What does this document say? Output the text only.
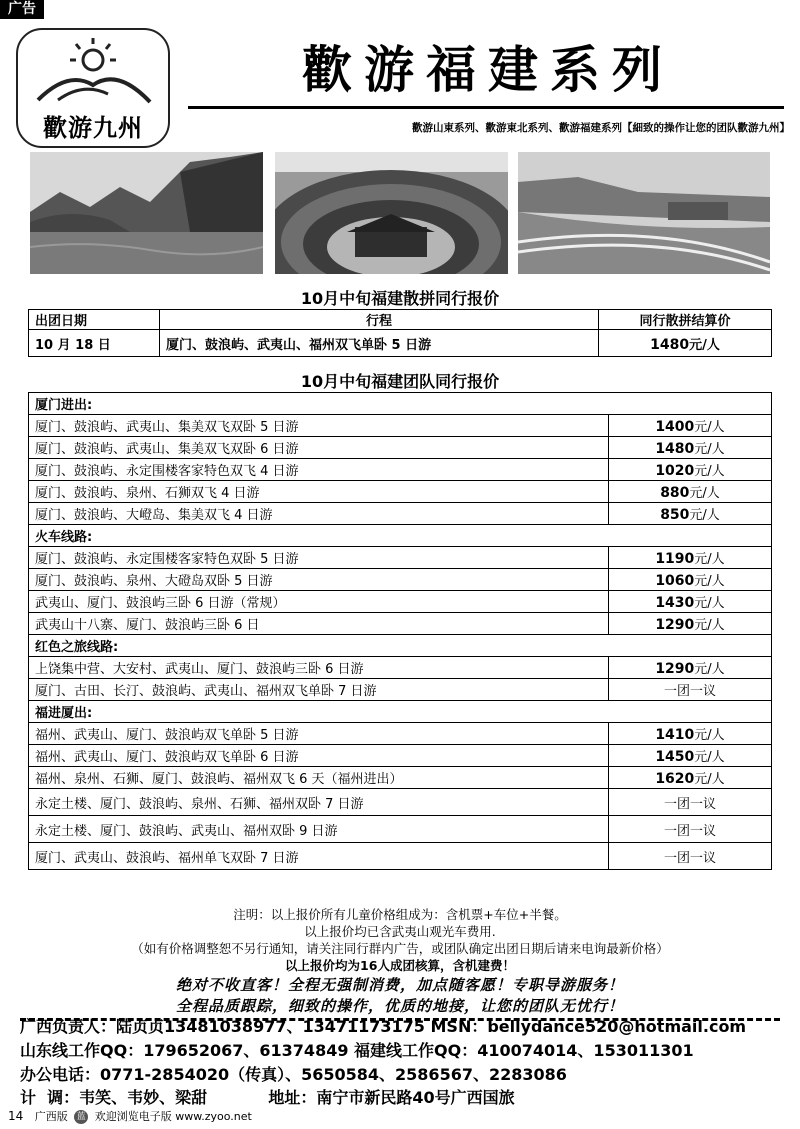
广告
歡游九州
歡游福建系列
歡游山東系列、歡游東北系列、歡游福建系列【細致的操作让您的团队歡游九州】
10月中旬福建散拼同行报价
出团日期	行程	同行散拼结算价
10 月 18 日	厦门、鼓浪屿、武夷山、福州双飞单卧 5 日游	1480元/人
10月中旬福建团队同行报价
厦门进出:	
厦门、鼓浪屿、武夷山、集美双飞双卧 5 日游	1400元/人
厦门、鼓浪屿、武夷山、集美双飞双卧 6 日游	1480元/人
厦门、鼓浪屿、永定围楼客家特色双飞 4 日游	1020元/人
厦门、鼓浪屿、泉州、石狮双飞 4 日游	880元/人
厦门、鼓浪屿、大嶝岛、集美双飞 4 日游	850元/人
火车线路:	
厦门、鼓浪屿、永定围楼客家特色双卧 5 日游	1190元/人
厦门、鼓浪屿、泉州、大磴岛双卧 5 日游	1060元/人
武夷山、厦门、鼓浪屿三卧 6 日游（常规）	1430元/人
武夷山十八寨、厦门、鼓浪屿三卧 6 日	1290元/人
红色之旅线路:	
上饶集中营、大安村、武夷山、厦门、鼓浪屿三卧 6 日游	1290元/人
厦门、古田、长汀、鼓浪屿、武夷山、福州双飞单卧 7 日游	一团一议
福进厦出:	
福州、武夷山、厦门、鼓浪屿双飞单卧 5 日游	1410元/人
福州、武夷山、厦门、鼓浪屿双飞单卧 6 日游	1450元/人
福州、泉州、石狮、厦门、鼓浪屿、福州双飞 6 天（福州进出）	1620元/人
永定土楼、厦门、鼓浪屿、泉州、石狮、福州双卧 7 日游	一团一议
永定土楼、厦门、鼓浪屿、武夷山、福州双卧 9 日游	一团一议
厦门、武夷山、鼓浪屿、福州单飞双卧 7 日游	一团一议
注明：以上报价所有儿童价格组成为：含机票+车位+半餐。
以上报价均已含武夷山观光车费用.
（如有价格调整恕不另行通知，请关注同行群内广告，或团队确定出团日期后请来电询最新价格）
以上报价均为16人成团核算，含机建费！
绝对不收直客！全程无强制消费，加点随客愿！专职导游服务！
全程品质跟踪，细致的操作，优质的地接，让您的团队无忧行！
广西负责人：陆贞贞13481038977、13471173175 MSN：bellydance520@hotmail.com
山东线工作QQ：179652067、61374849 福建线工作QQ：410074014、153011301
办公电话：0771-2854020（传真）、5650584、2586567、2283086
计  调：韦笑、韦妙、梁甜           地址：南宁市新民路40号广西国旅
14 广西版 蓝 欢迎浏览电子版 www.zyoo.net
